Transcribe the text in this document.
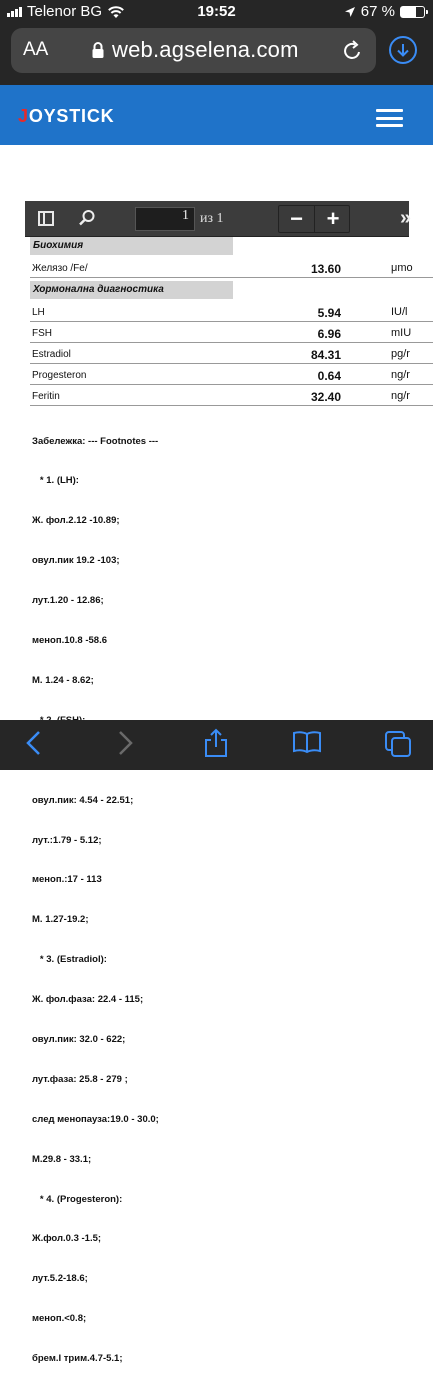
Telenor BG	19:52	67 %
AA	web.agselena.com
JOYSTICK
1 из 1	−	+	»
Биохимия
Желязо /Fe/	13.60	μmo
Хормонална диагностика
LH	5.94	IU/l
FSH	6.96	mIU
Estradiol	84.31	pg/r
Progesteron	0.64	ng/r
Feritin	32.40	ng/r

Забележка: --- Footnotes ---

* 1. (LH):

Ж. фол.2.12 -10.89;

овул.пик 19.2 -103;

лут.1.20 - 12.86;

меноп.10.8 -58.6

М. 1.24 - 8.62;

овул.пик: 4.54 - 22.51;

лут.:1.79 - 5.12;

меноп.:17 - 113

М. 1.27-19.2;

* 3. (Estradiol):

Ж. фол.фаза: 22.4 - 115;

овул.пик: 32.0 - 622;

лут.фаза: 25.8 - 279 ;

след менопауза:19.0 - 30.0;

М.29.8 - 33.1;

* 4. (Progesteron):

Ж.фол.0.3 -1.5;

лут.5.2-18.6;

меноп.<0.8;

брем.I трим.4.7-5.1;
